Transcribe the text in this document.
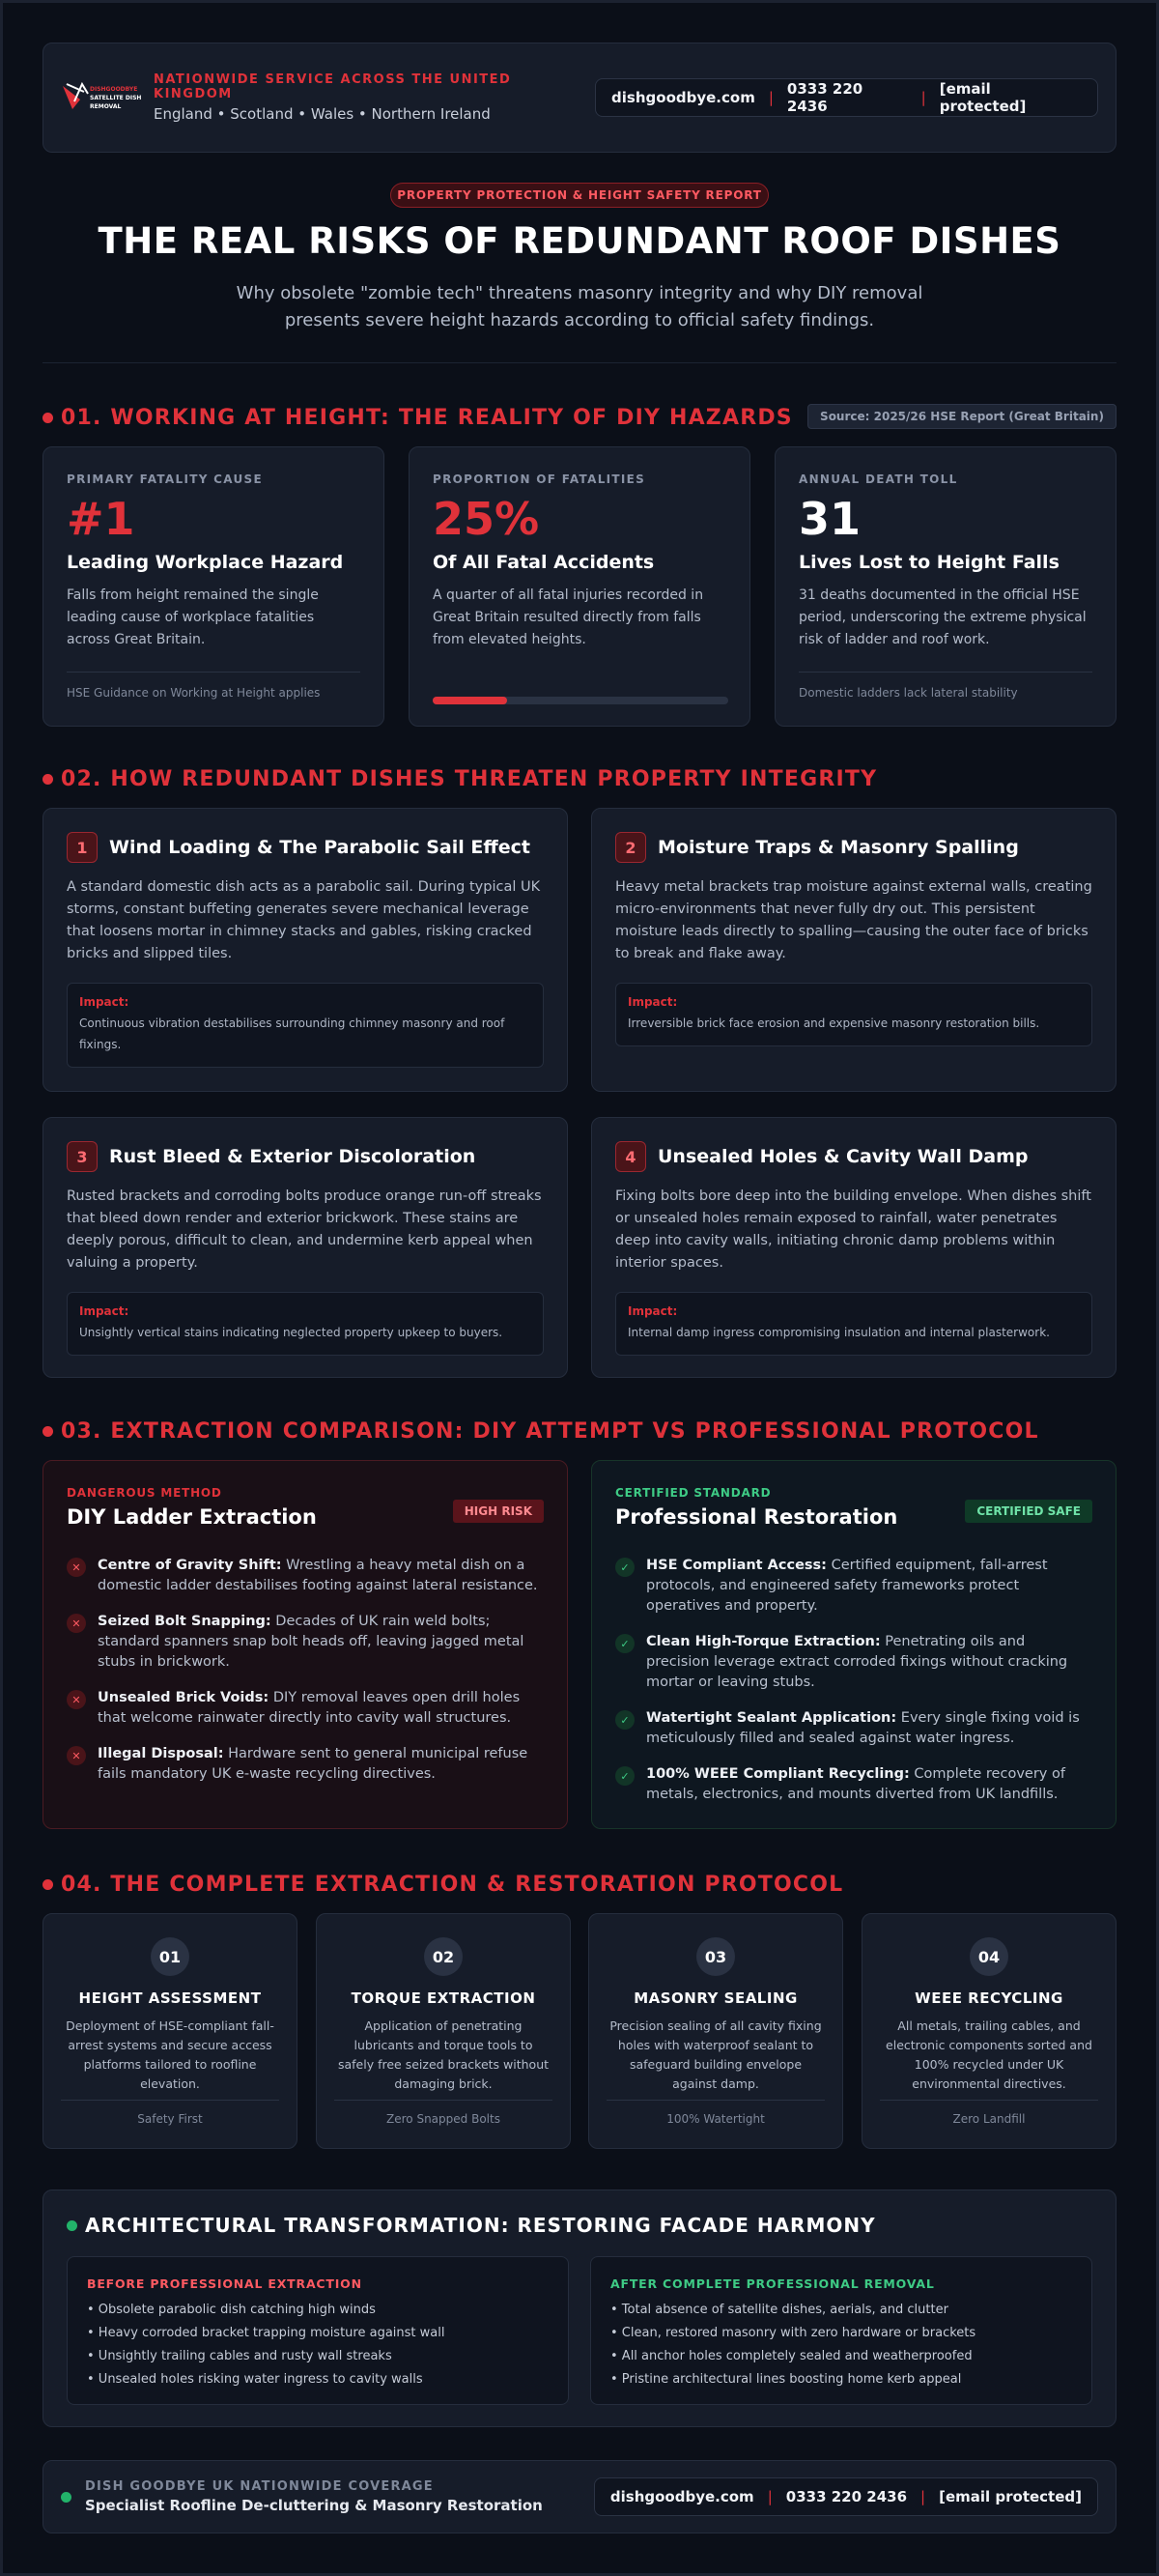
DISHGOODBYE
SATELLITE DISH
REMOVAL
NATIONWIDE SERVICE ACROSS THE UNITED KINGDOM
England • Scotland • Wales • Northern Ireland
dishgoodbye.com | 0333 220 2436	| [email protected]
PROPERTY PROTECTION & HEIGHT SAFETY REPORT
THE REAL RISKS OF REDUNDANT ROOF DISHES
Why obsolete "zombie tech" threatens masonry integrity and why DIY removal presents severe height hazards according to official safety findings.
01. WORKING AT HEIGHT: THE REALITY OF DIY HAZARDS	Source: 2025/26 HSE Report (Great Britain)
PRIMARY FATALITY CAUSE
#1
Leading Workplace Hazard
Falls from height remained the single leading cause of workplace fatalities across Great Britain.
HSE Guidance on Working at Height applies
PROPORTION OF FATALITIES
25%
Of All Fatal Accidents
A quarter of all fatal injuries recorded in Great Britain resulted directly from falls from elevated heights.
ANNUAL DEATH TOLL
31
Lives Lost to Height Falls
31 deaths documented in the official HSE period, underscoring the extreme physical risk of ladder and roof work.
Domestic ladders lack lateral stability
02. HOW REDUNDANT DISHES THREATEN PROPERTY INTEGRITY
1	Wind Loading & The Parabolic Sail Effect
A standard domestic dish acts as a parabolic sail. During typical UK storms, constant buffeting generates severe mechanical leverage that loosens mortar in chimney stacks and gables, risking cracked bricks and slipped tiles.
Impact:
Continuous vibration destabilises surrounding chimney masonry and roof fixings.
2	Moisture Traps & Masonry Spalling
Heavy metal brackets trap moisture against external walls, creating micro-environments that never fully dry out. This persistent moisture leads directly to spalling—causing the outer face of bricks to break and flake away.
Impact:
Irreversible brick face erosion and expensive masonry restoration bills.
3	Rust Bleed & Exterior Discoloration
Rusted brackets and corroding bolts produce orange run-off streaks that bleed down render and exterior brickwork. These stains are deeply porous, difficult to clean, and undermine kerb appeal when valuing a property.
Impact:
Unsightly vertical stains indicating neglected property upkeep to buyers.
4	Unsealed Holes & Cavity Wall Damp
Fixing bolts bore deep into the building envelope. When dishes shift or unsealed holes remain exposed to rainfall, water penetrates deep into cavity walls, initiating chronic damp problems within interior spaces.
Impact:
Internal damp ingress compromising insulation and internal plasterwork.
03. EXTRACTION COMPARISON: DIY ATTEMPT VS PROFESSIONAL PROTOCOL
DANGEROUS METHOD
DIY Ladder Extraction	HIGH RISK
✕	Centre of Gravity Shift: Wrestling a heavy metal dish on a domestic ladder destabilises footing against lateral resistance.
✕	Seized Bolt Snapping: Decades of UK rain weld bolts; standard spanners snap bolt heads off, leaving jagged metal stubs in brickwork.
✕	Unsealed Brick Voids: DIY removal leaves open drill holes that welcome rainwater directly into cavity wall structures.
✕	Illegal Disposal: Hardware sent to general municipal refuse fails mandatory UK e-waste recycling directives.
CERTIFIED STANDARD
Professional Restoration	CERTIFIED SAFE
✓	HSE Compliant Access: Certified equipment, fall-arrest protocols, and engineered safety frameworks protect operatives and property.
✓	Clean High-Torque Extraction: Penetrating oils and precision leverage extract corroded fixings without cracking mortar or leaving stubs.
✓	Watertight Sealant Application: Every single fixing void is meticulously filled and sealed against water ingress.
✓	100% WEEE Compliant Recycling: Complete recovery of metals, electronics, and mounts diverted from UK landfills.
04. THE COMPLETE EXTRACTION & RESTORATION PROTOCOL
01
HEIGHT ASSESSMENT
Deployment of HSE-compliant fall-arrest systems and secure access platforms tailored to roofline elevation.
Safety First
02
TORQUE EXTRACTION
Application of penetrating lubricants and torque tools to safely free seized brackets without damaging brick.
Zero Snapped Bolts
03
MASONRY SEALING
Precision sealing of all cavity fixing holes with waterproof sealant to safeguard building envelope against damp.
100% Watertight
04
WEEE RECYCLING
All metals, trailing cables, and electronic components sorted and 100% recycled under UK environmental directives.
Zero Landfill
ARCHITECTURAL TRANSFORMATION: RESTORING FACADE HARMONY
BEFORE PROFESSIONAL EXTRACTION
• Obsolete parabolic dish catching high winds
• Heavy corroded bracket trapping moisture against wall
• Unsightly trailing cables and rusty wall streaks
• Unsealed holes risking water ingress to cavity walls
AFTER COMPLETE PROFESSIONAL REMOVAL
• Total absence of satellite dishes, aerials, and clutter
• Clean, restored masonry with zero hardware or brackets
• All anchor holes completely sealed and weatherproofed
• Pristine architectural lines boosting home kerb appeal
DISH GOODBYE UK NATIONWIDE COVERAGE
Specialist Roofline De-cluttering & Masonry Restoration	dishgoodbye.com | 0333 220 2436 | [email protected]
